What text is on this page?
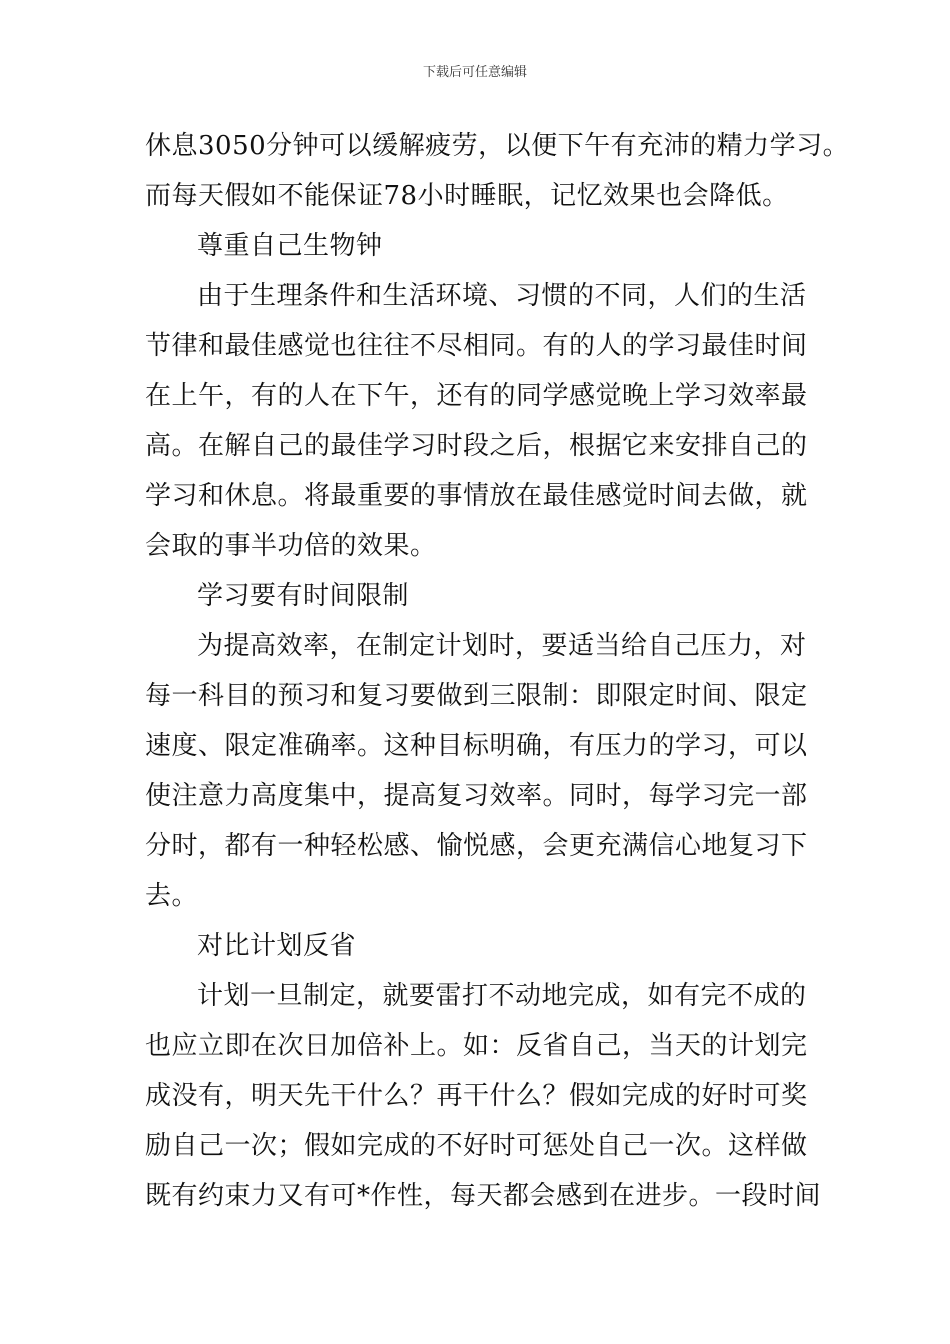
下载后可任意编辑
休息3050分钟可以缓解疲劳，以便下午有充沛的精力学习。
而每天假如不能保证78小时睡眠，记忆效果也会降低。
尊重自己生物钟
由于生理条件和生活环境、习惯的不同，人们的生活
节律和最佳感觉也往往不尽相同。有的人的学习最佳时间
在上午，有的人在下午，还有的同学感觉晚上学习效率最
高。在解自己的最佳学习时段之后，根据它来安排自己的
学习和休息。将最重要的事情放在最佳感觉时间去做，就
会取的事半功倍的效果。
学习要有时间限制
为提高效率，在制定计划时，要适当给自己压力，对
每一科目的预习和复习要做到三限制：即限定时间、限定
速度、限定准确率。这种目标明确，有压力的学习，可以
使注意力高度集中，提高复习效率。同时，每学习完一部
分时，都有一种轻松感、愉悦感，会更充满信心地复习下
去。
对比计划反省
计划一旦制定，就要雷打不动地完成，如有完不成的
也应立即在次日加倍补上。如：反省自己，当天的计划完
成没有，明天先干什么？再干什么？假如完成的好时可奖
励自己一次；假如完成的不好时可惩处自己一次。这样做
既有约束力又有可*作性，每天都会感到在进步。一段时间
